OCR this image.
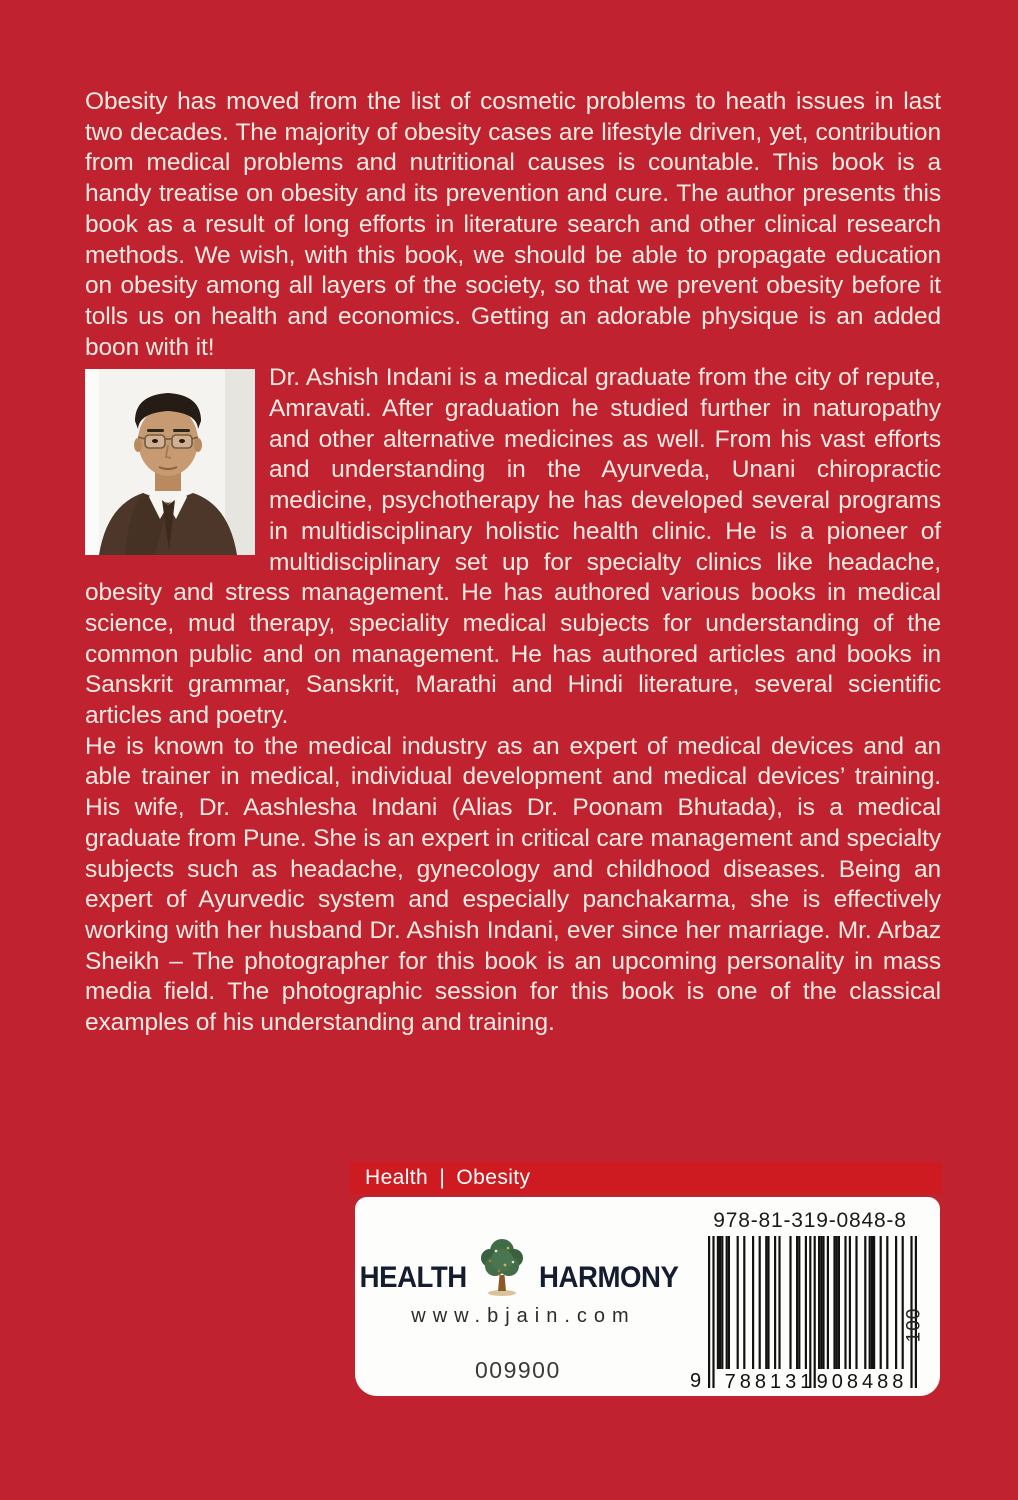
Obesity has moved from the list of cosmetic problems to heath issues in last two decades. The majority of obesity cases are lifestyle driven, yet, contribution from medical problems and nutritional causes is countable. This book is a handy treatise on obesity and its prevention and cure. The author presents this book as a result of long efforts in literature search and other clinical research methods. We wish, with this book, we should be able to propagate education on obesity among all layers of the society, so that we prevent obesity before it tolls us on health and economics. Getting an adorable physique is an added boon with it!

Dr. Ashish Indani is a medical graduate from the city of repute, Amravati. After graduation he studied further in naturopathy and other alternative medicines as well. From his vast efforts and understanding in the Ayurveda, Unani chiropractic medicine, psychotherapy he has developed several programs in multidisciplinary holistic health clinic. He is a pioneer of multidisciplinary set up for specialty clinics like headache, obesity and stress management. He has authored various books in medical science, mud therapy, speciality medical subjects for understanding of the common public and on management. He has authored articles and books in Sanskrit grammar, Sanskrit, Marathi and Hindi literature, several scientific articles and poetry.

He is known to the medical industry as an expert of medical devices and an able trainer in medical, individual development and medical devices’ training. His wife, Dr. Aashlesha Indani (Alias Dr. Poonam Bhutada), is a medical graduate from Pune. She is an expert in critical care management and specialty subjects such as headache, gynecology and childhood diseases. Being an expert of Ayurvedic system and especially panchakarma, she is effectively working with her husband Dr. Ashish Indani, ever since her marriage. Mr. Arbaz Sheikh – The photographer for this book is an upcoming personality in mass media field. The photographic session for this book is one of the classical examples of his understanding and training.

Health | Obesity
HEALTH HARMONY
www.bjain.com
009900
978-81-319-0848-8
9 788131 908488
100
